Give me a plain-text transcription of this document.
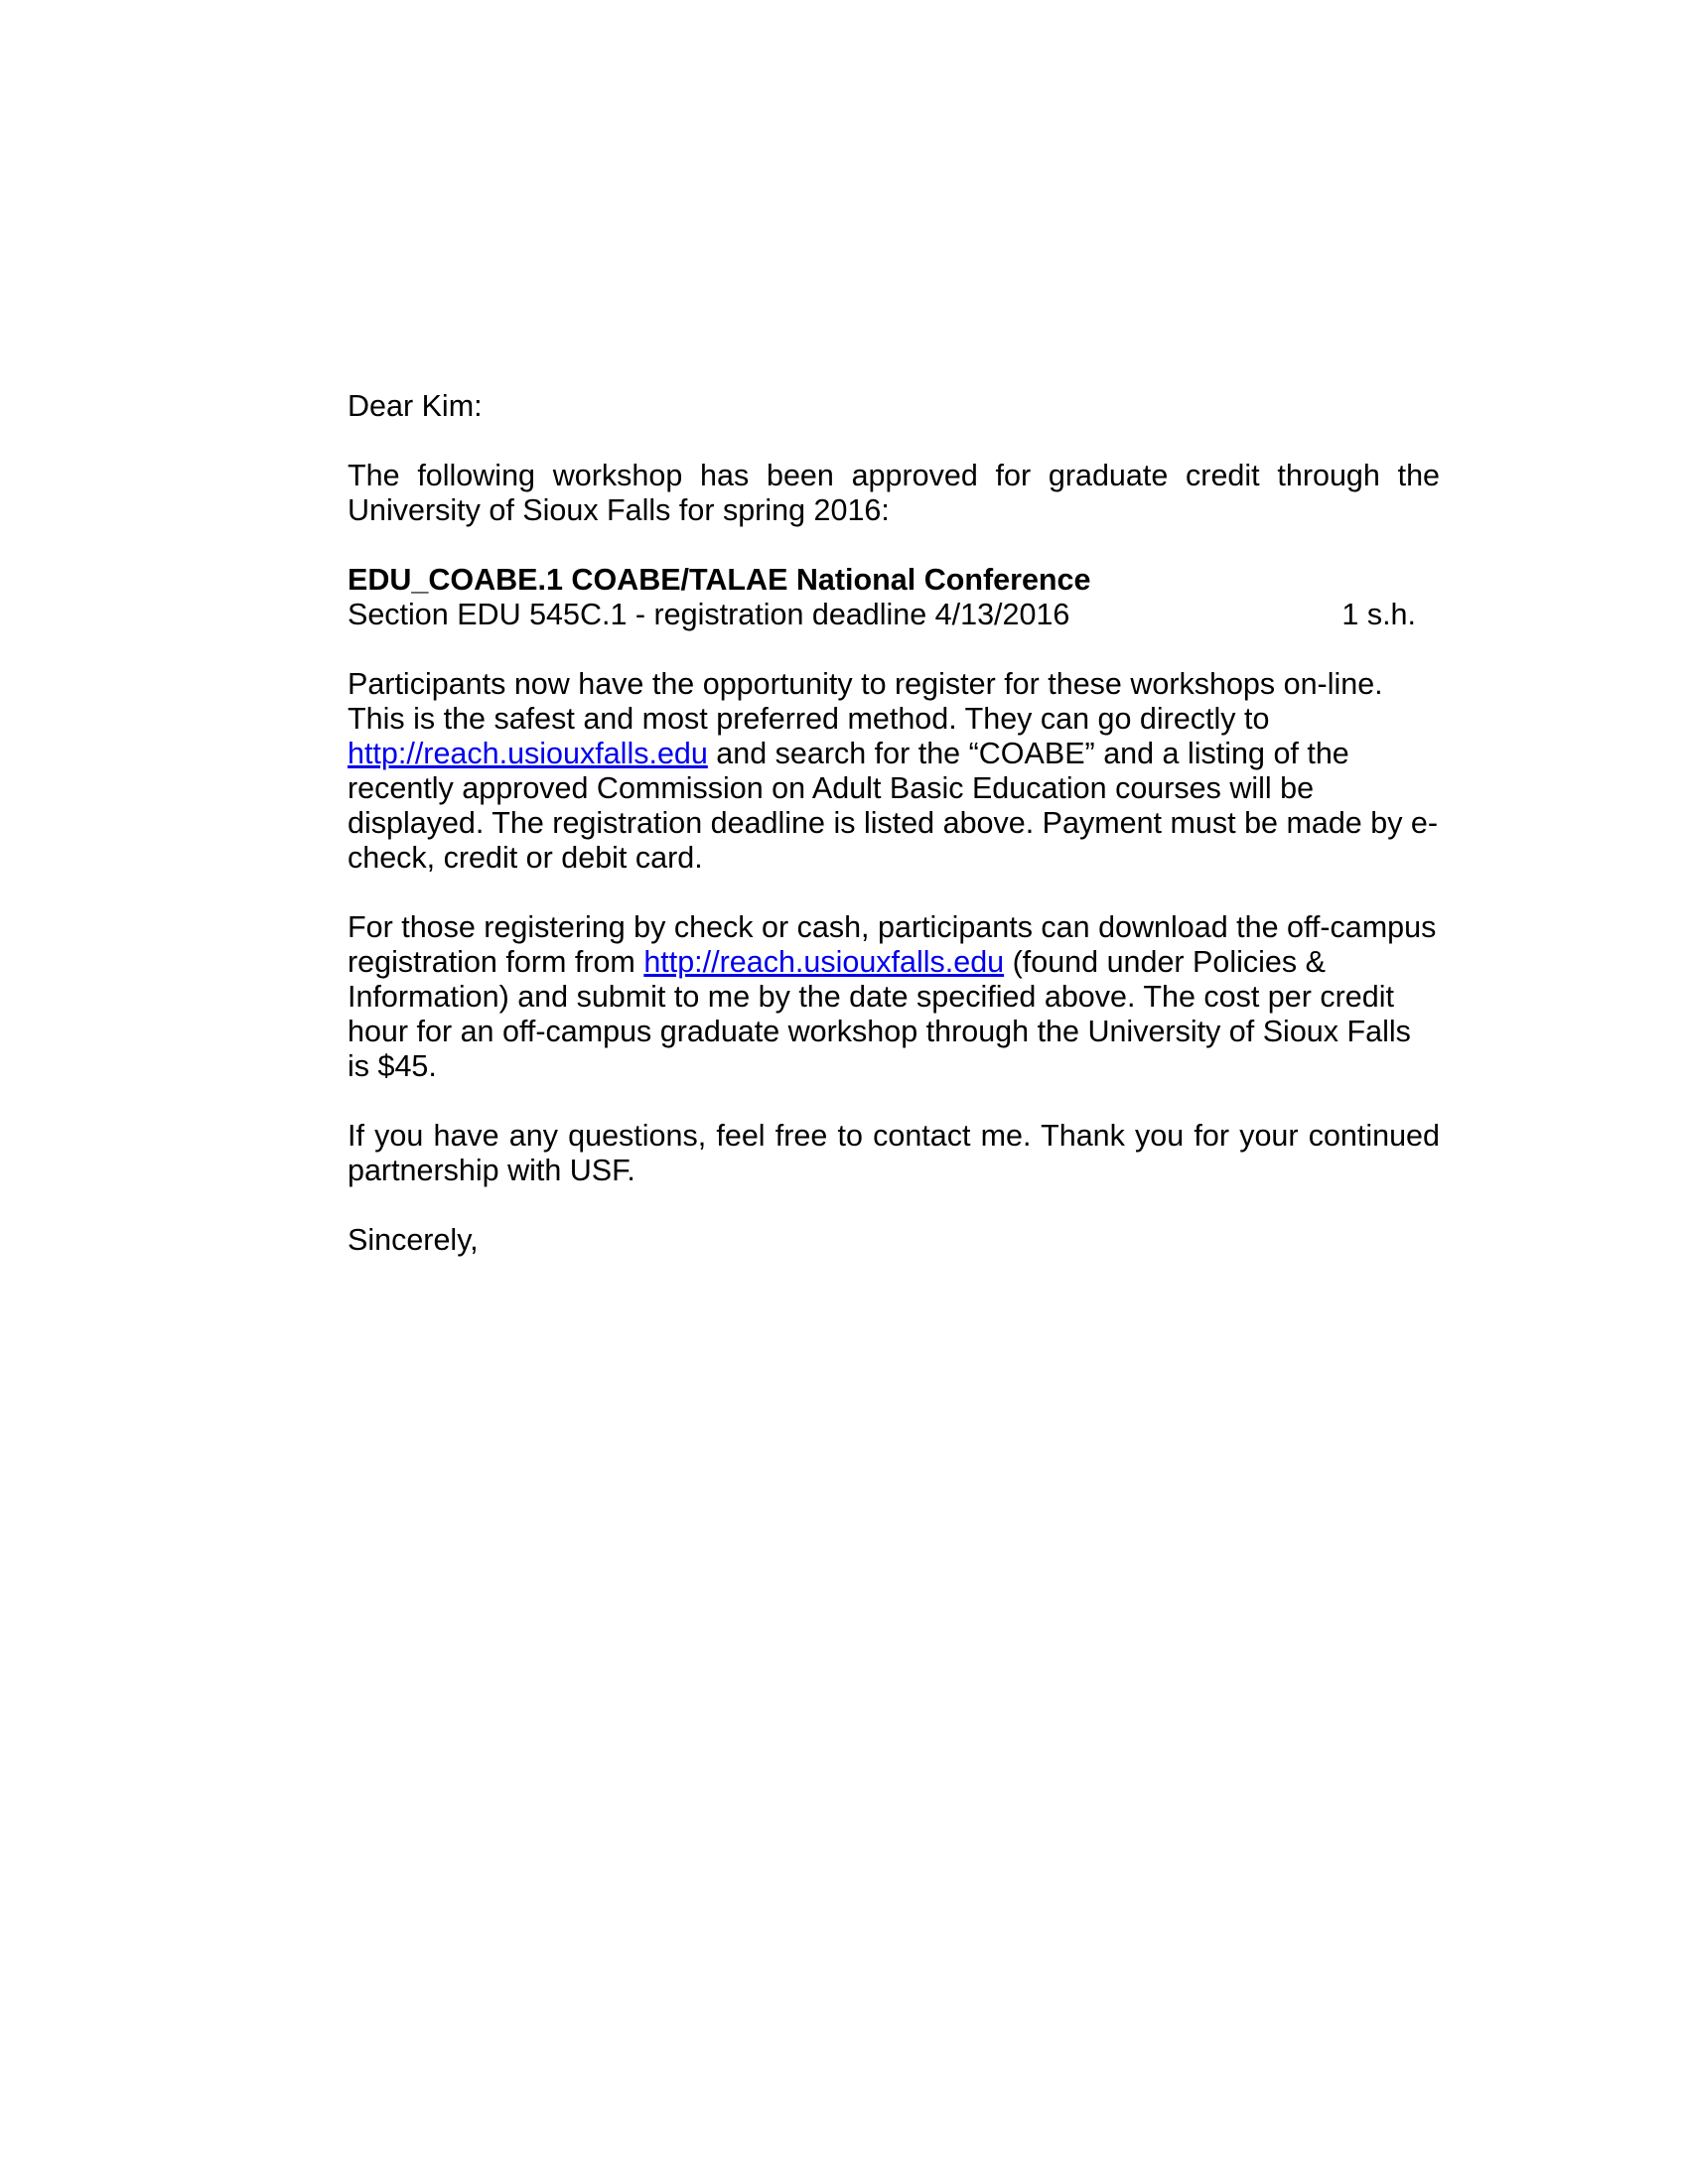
Dear Kim:

The following workshop has been approved for graduate credit through the University of Sioux Falls for spring 2016:

EDU_COABE.1 COABE/TALAE National Conference

Section EDU 545C.1 - registration deadline 4/13/2016	1 s.h.

Participants now have the opportunity to register for these workshops on-line. This is the safest and most preferred method. They can go directly to http://reach.usiouxfalls.edu and search for the “COABE” and a listing of the recently approved Commission on Adult Basic Education courses will be displayed. The registration deadline is listed above. Payment must be made by e-check, credit or debit card.

For those registering by check or cash, participants can download the off-campus registration form from http://reach.usiouxfalls.edu (found under Policies & Information) and submit to me by the date specified above. The cost per credit hour for an off-campus graduate workshop through the University of Sioux Falls is $45.

If you have any questions, feel free to contact me. Thank you for your continued partnership with USF.

Sincerely,
